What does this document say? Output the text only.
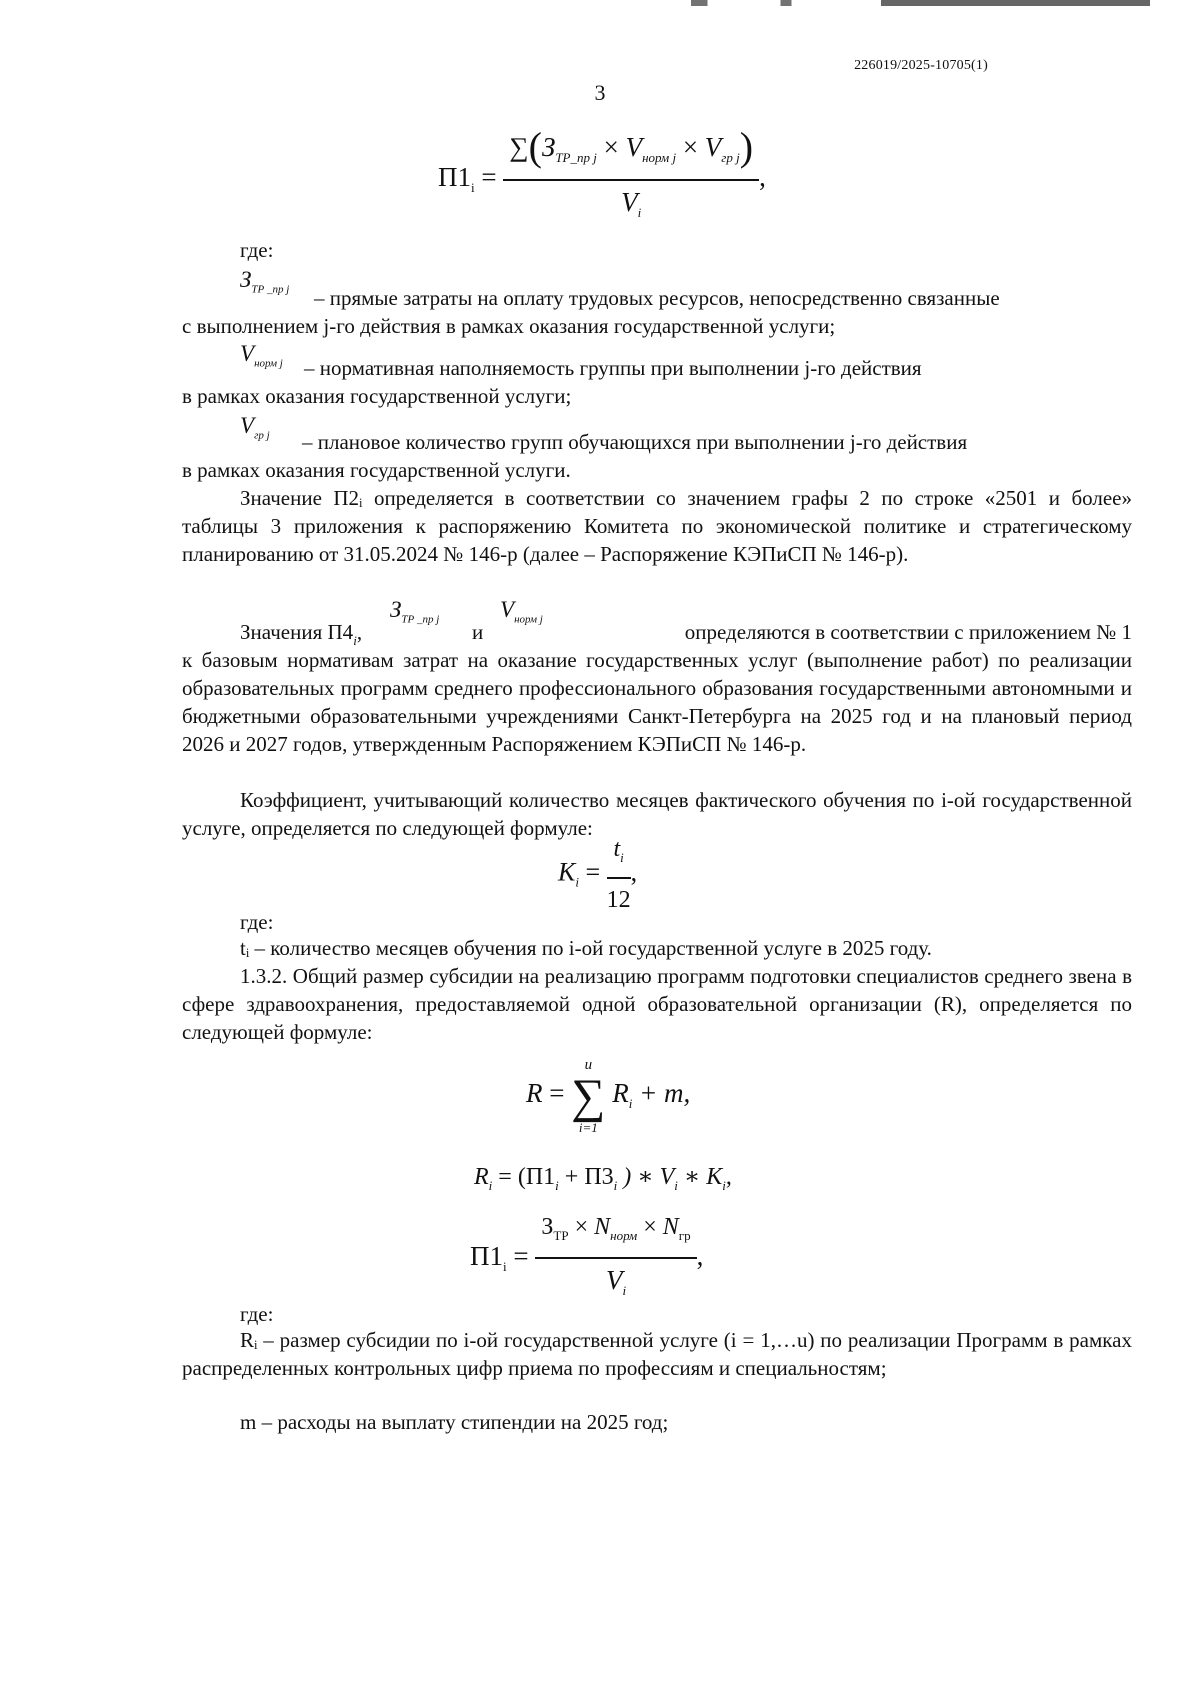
226019/2025-10705(1)
3
$П1_i = \frac{\sum(З_{ТР\_пр j} \times V_{норм j} \times V_{гр j})}{V_i}$ ,
где:
$З_{ТР \_пр j}$ – прямые затраты на оплату трудовых ресурсов, непосредственно связанные
с выполнением j-го действия в рамках оказания государственной услуги;
$V_{норм j}$ – нормативная наполняемость группы при выполнении j-го действия
в рамках оказания государственной услуги;
$V_{гр j}$ – плановое количество групп обучающихся при выполнении j-го действия
в рамках оказания государственной услуги.
Значение П2ᵢ определяется в соответствии со значением графы 2 по строке «2501 и более» таблицы 3 приложения к распоряжению Комитета по экономической политике и стратегическому планированию от 31.05.2024 № 146-р (далее – Распоряжение КЭПиСП № 146-р).
Значения $П4_i$,
$З_{ТР \_пр j}$
и
$V_{норм j}$
определяются в соответствии с приложением № 1
к базовым нормативам затрат на оказание государственных услуг (выполнение работ) по реализации образовательных программ среднего профессионального образования государственными автономными и бюджетными образовательными учреждениями Санкт-Петербурга на 2025 год и на плановый период 2026 и 2027 годов, утвержденным Распоряжением КЭПиСП № 146-р.
Коэффициент, учитывающий количество месяцев фактического обучения по i-ой государственной услуге, определяется по следующей формуле:
$K_i = \frac{t_i}{12}$ ,
где:
tᵢ – количество месяцев обучения по i-ой государственной услуге в 2025 году.
1.3.2. Общий размер субсидии на реализацию программ подготовки специалистов среднего звена в сфере здравоохранения, предоставляемой одной образовательной организации (R), определяется по следующей формуле:
R =
u
∑
i=1
$R_i + m$,
$R_i = (П1_i + П3_i$ ) ∗ $V_i$ ∗ $K_i$,
$П1_i = \frac{З_{ТР} \times N_{норм} \times N_{гр}}{V_i}$ ,
где:
Rᵢ – размер субсидии по i-ой государственной услуге (i = 1,…u) по реализации Программ в рамках распределенных контрольных цифр приема по профессиям и специальностям;
m – расходы на выплату стипендии на 2025 год;
